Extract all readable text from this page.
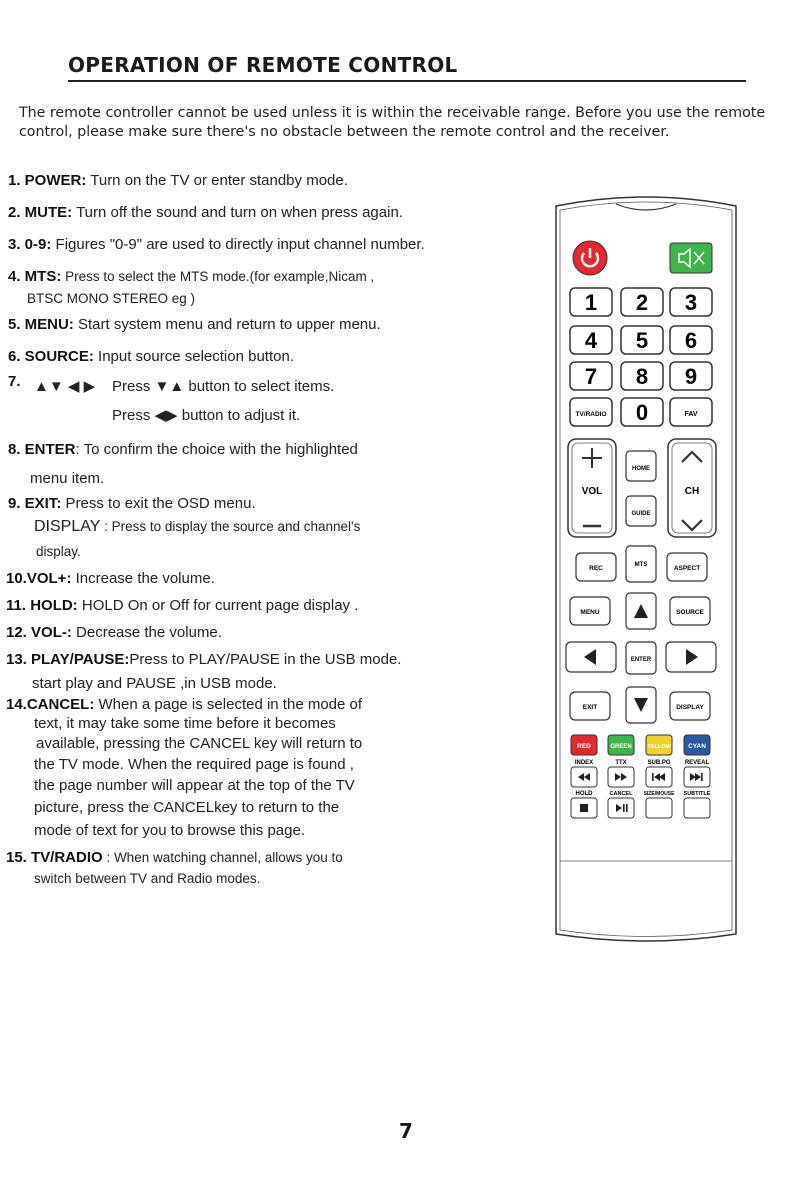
OPERATION OF REMOTE CONTROL

The remote controller cannot be used unless it is within the receivable range. Before you use the remote

control, please make sure there's no obstacle between the remote control and the receiver.

1. POWER: Turn on the TV or enter standby mode.
2. MUTE: Turn off the sound and turn on when press again.
3. 0-9: Figures "0-9" are used to directly input channel number.
4. MTS: Press to select the MTS mode.(for example,Nicam ,
BTSC MONO STEREO eg )
5. MENU: Start system menu and return to upper menu.
6. SOURCE: Input source selection button.
7. ▲▼ ◀ ▶ Press ▼▲ button to select items.
Press ◀▶ button to adjust it.
8. ENTER: To confirm the choice with the highlighted
menu item.
9. EXIT: Press to exit the OSD menu.
DISPLAY : Press to display the source and channel's
display.
10.VOL+: Increase the volume.
11. HOLD: HOLD On or Off for current page display .
12. VOL-: Decrease the volume.
13. PLAY/PAUSE:Press to PLAY/PAUSE in the USB mode.
start play and PAUSE ,in USB mode.
14.CANCEL: When a page is selected in the mode of
text, it may take some time before it becomes
available, pressing the CANCEL key will return to
the TV mode. When the required page is found ,
the page number will appear at the top of the TV
picture, press the CANCELkey to return to the
mode of text for you to browse this page.
15. TV/RADIO : When watching channel, allows you to
switch between TV and Radio modes.
1 2 3
4 5 6
7 8 9
TV/RADIO 0	FAV
VOL	CH
HOME
GUIDE
REC	MTS	ASPECT
MENU	SOURCE
ENTER
EXIT	DISPLAY
RED	GREEN	YELLOW	CYAN
INDEX	TTX	SUB.PG REVEAL
HOLD	CANCEL SIZE/MOUSE SUBTITLE
7
